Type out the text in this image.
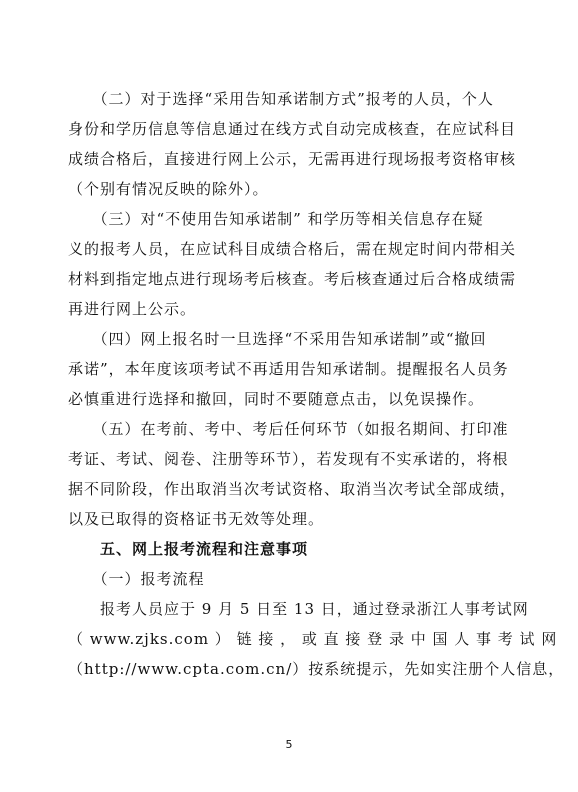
　　（二）对于选择“采用告知承诺制方式”报考的人员，个人

身份和学历信息等信息通过在线方式自动完成核查，在应试科目

成绩合格后，直接进行网上公示，无需再进行现场报考资格审核

（个别有情况反映的除外）。

　　（三）对“不使用告知承诺制” 和学历等相关信息存在疑

义的报考人员，在应试科目成绩合格后，需在规定时间内带相关

材料到指定地点进行现场考后核查。考后核查通过后合格成绩需

再进行网上公示。

　　（四）网上报名时一旦选择“不采用告知承诺制”或“撤回

承诺”，本年度该项考试不再适用告知承诺制。提醒报名人员务

必慎重进行选择和撤回，同时不要随意点击，以免误操作。

　　（五）在考前、考中、考后任何环节（如报名期间、打印准

考证、考试、阅卷、注册等环节），若发现有不实承诺的，将根

据不同阶段，作出取消当次考试资格、取消当次考试全部成绩，

以及已取得的资格证书无效等处理。

　　五、网上报考流程和注意事项

　　（一）报考流程

　　报考人员应于 9 月 5 日至 13 日，通过登录浙江人事考试网

（ www.zjks.com ） 链 接 ， 或 直 接 登 录 中 国 人 事 考 试 网

（http://www.cpta.com.cn/）按系统提示，先如实注册个人信息，

5
